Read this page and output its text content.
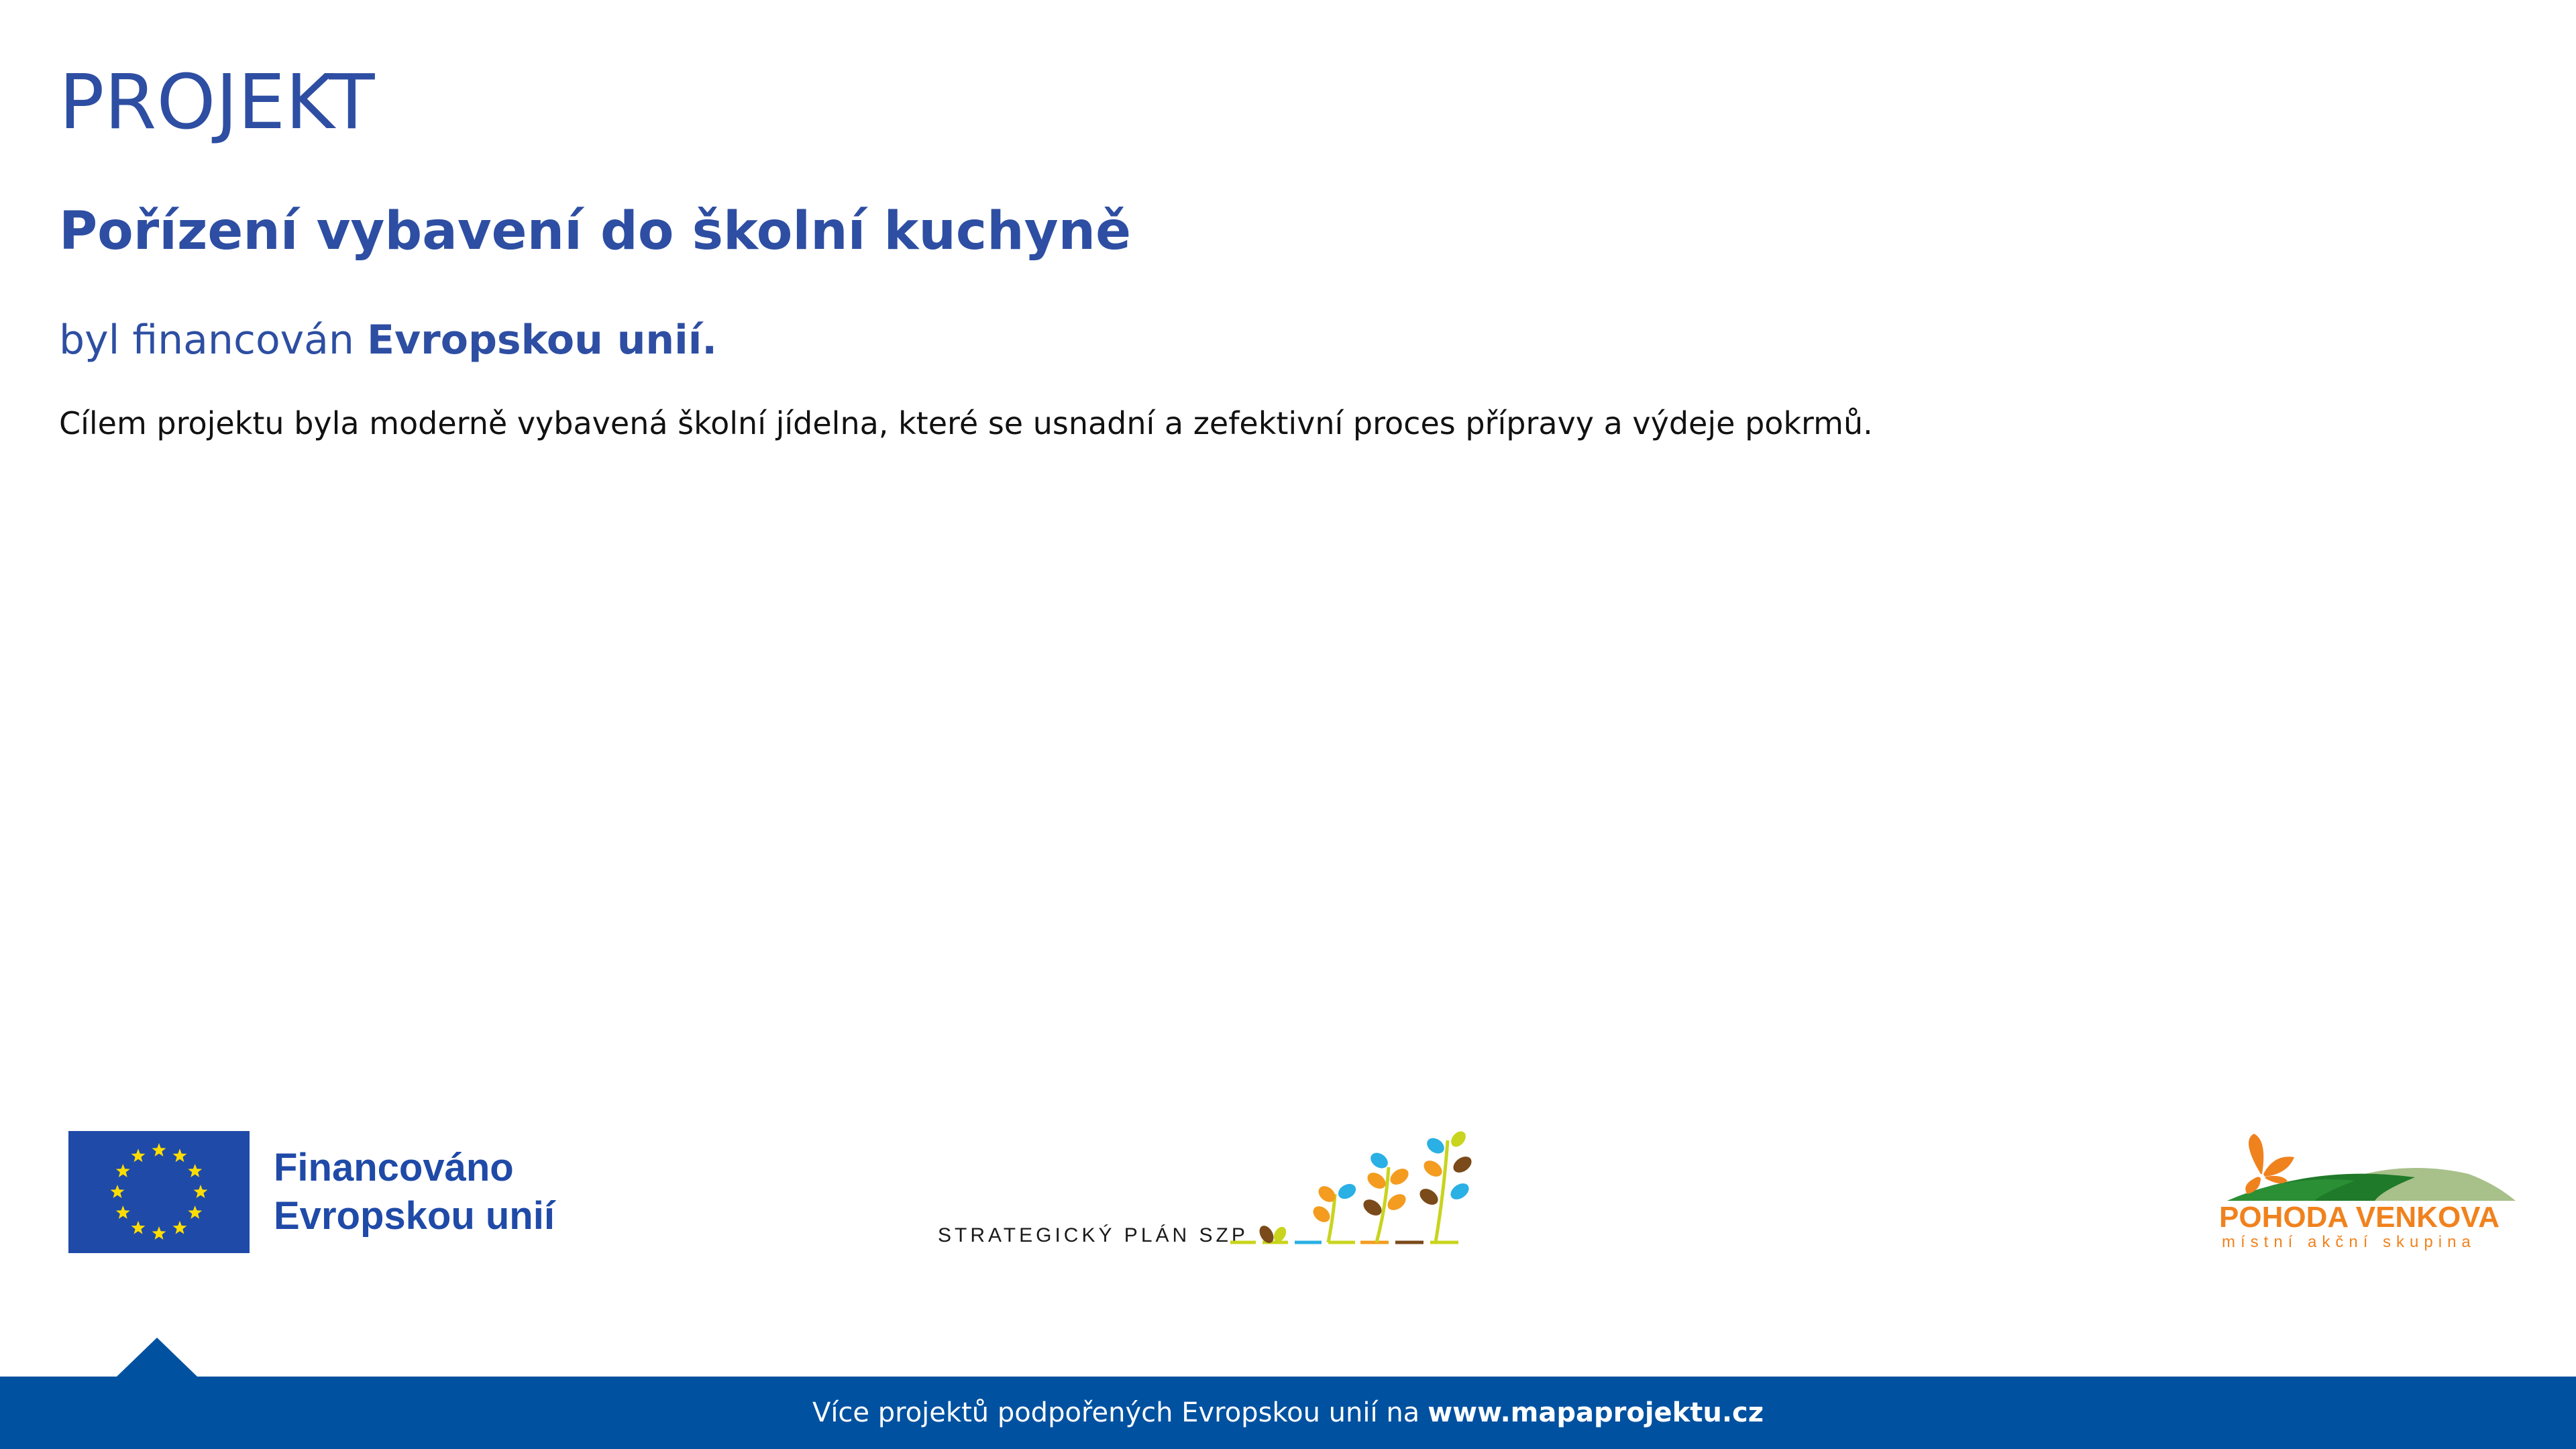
PROJEKT
Pořízení vybavení do školní kuchyně
byl financován Evropskou unií.
Cílem projektu byla moderně vybavená školní jídelna, které se usnadní a zefektivní proces přípravy a výdeje pokrmů.
Financováno
Evropskou unií	STRATEGICKÝ PLÁN SZP
POHODA VENKOVA
místní akční skupina
Více projektů podpořených Evropskou unií na www.mapaprojektu.cz
